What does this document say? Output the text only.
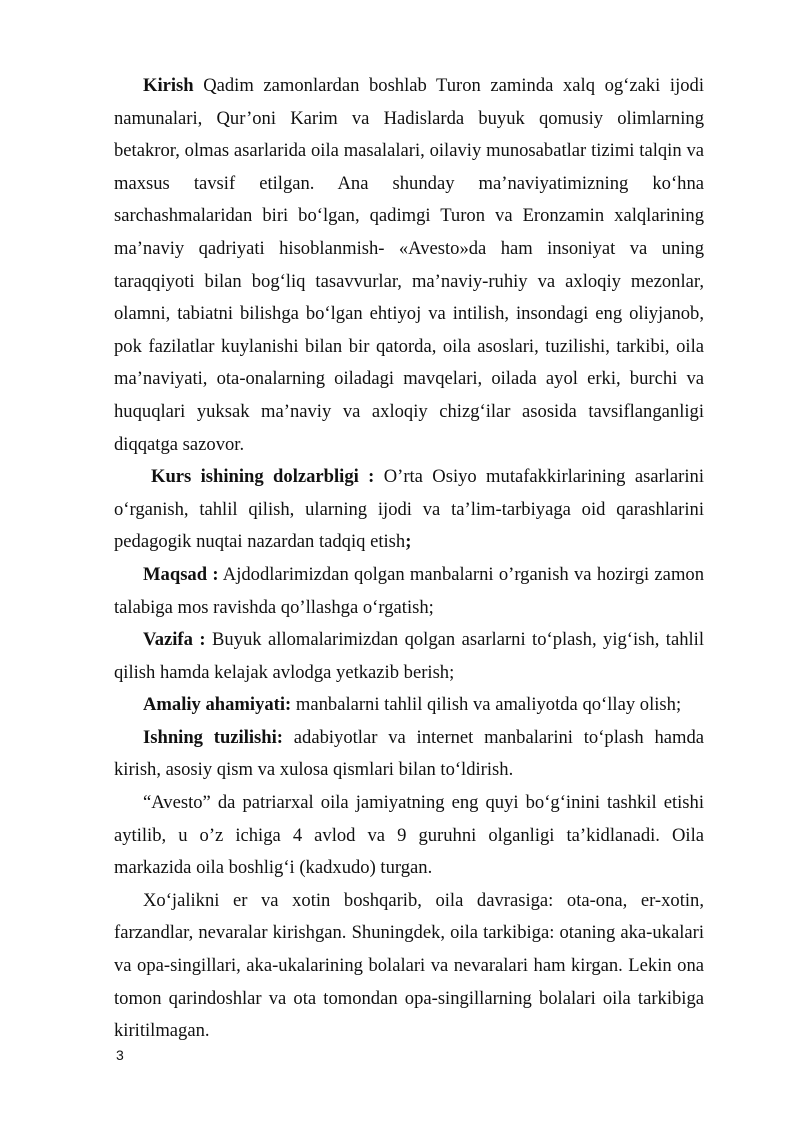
Kirish Qadim zamonlardan boshlab Turon zaminda xalq og‘zaki ijodi namunalari, Qur’oni Karim va Hadislarda buyuk qomusiy olimlarning betakror, olmas asarlarida oila masalalari, oilaviy munosabatlar tizimi talqin va maxsus tavsif etilgan. Ana shunday ma’naviyatimizning ko‘hna sarchashmalaridan biri bo‘lgan, qadimgi Turon va Eronzamin xalqlarining ma’naviy qadriyati hisoblanmish- «Avesto»da ham insoniyat va uning taraqqiyoti bilan bog‘liq tasavvurlar, ma’naviy-ruhiy va axloqiy mezonlar, olamni, tabiatni bilishga bo‘lgan ehtiyoj va intilish, insondagi eng oliyjanob, pok fazilatlar kuylanishi bilan bir qatorda, oila asoslari, tuzilishi, tarkibi, oila ma’naviyati, ota-onalarning oiladagi mavqelari, oilada ayol erki, burchi va huquqlari yuksak ma’naviy va axloqiy chizg‘ilar asosida tavsiflanganligi diqqatga sazovor.

Kurs ishining dolzarbligi : O’rta Osiyo mutafakkirlarining asarlarini o‘rganish, tahlil qilish, ularning ijodi va ta’lim-tarbiyaga oid qarashlarini pedagogik nuqtai nazardan tadqiq etish;

Maqsad : Ajdodlarimizdan qolgan manbalarni o’rganish va hozirgi zamon talabiga mos ravishda qo’llashga o‘rgatish;

Vazifa : Buyuk allomalarimizdan qolgan asarlarni to‘plash, yig‘ish, tahlil qilish hamda kelajak avlodga yetkazib berish;

Amaliy ahamiyati: manbalarni tahlil qilish va amaliyotda qo‘llay olish;

Ishning tuzilishi: adabiyotlar va internet manbalarini to‘plash hamda kirish, asosiy qism va xulosa qismlari bilan to‘ldirish.

“Avesto” da patriarxal oila jamiyatning eng quyi bo‘g‘inini tashkil etishi aytilib, u o’z ichiga 4 avlod va 9 guruhni olganligi ta’kidlanadi. Oila markazida oila boshlig‘i (kadxudo) turgan.

Xo‘jalikni er va xotin boshqarib, oila davrasiga: ota-ona, er-xotin, farzandlar, nevaralar kirishgan. Shuningdek, oila tarkibiga: otaning aka-ukalari va opa-singillari, aka-ukalarining bolalari va nevaralari ham kirgan. Lekin ona tomon qarindoshlar va ota tomondan opa-singillarning bolalari oila tarkibiga kiritilmagan.

3
